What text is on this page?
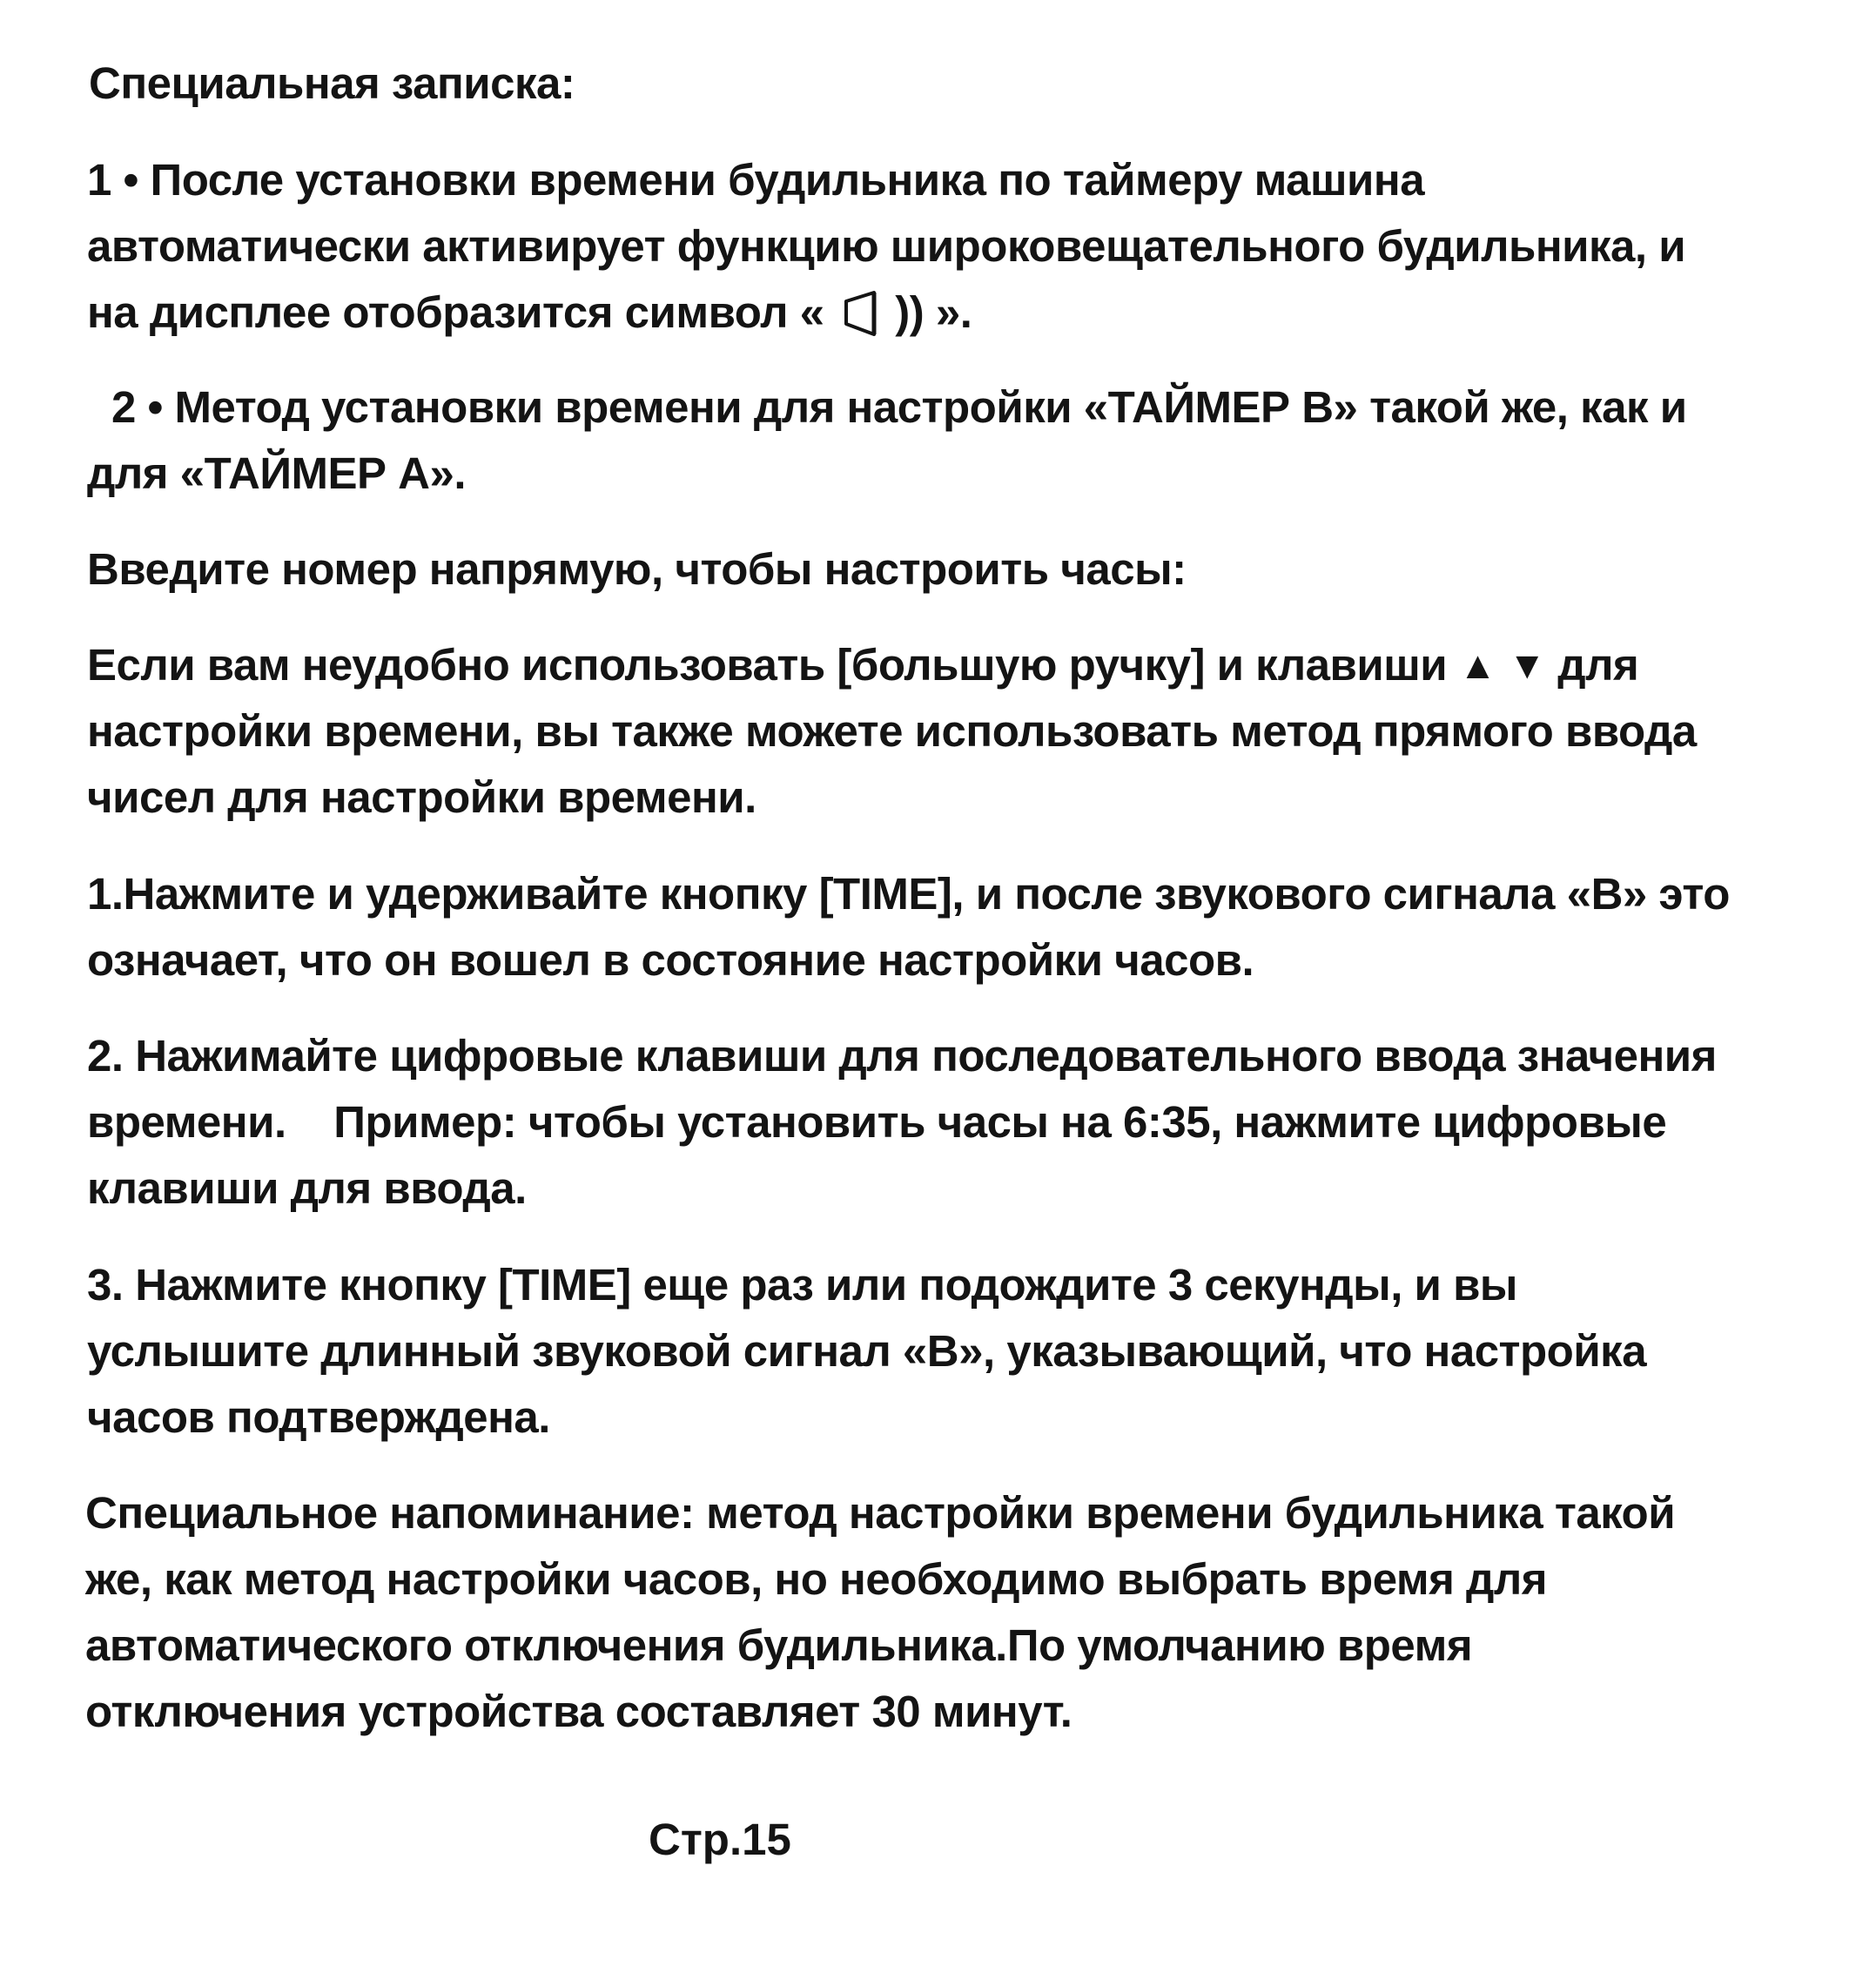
Специальная записка:
1 • После установки времени будильника по таймеру машина
автоматически активирует функцию широковещательного будильника, и
на дисплее отобразится символ « )) ».
2 • Метод установки времени для настройки «ТАЙМЕР B» такой же, как и
для «ТАЙМЕР A».
Введите номер напрямую, чтобы настроить часы:
Если вам неудобно использовать [большую ручку] и клавиши ▲ ▼ для
настройки времени, вы также можете использовать метод прямого ввода
чисел для настройки времени.
1.Нажмите и удерживайте кнопку [TIME], и после звукового сигнала «B» это
означает, что он вошел в состояние настройки часов.
2. Нажимайте цифровые клавиши для последовательного ввода значения
времени.    Пример: чтобы установить часы на 6:35, нажмите цифровые
клавиши для ввода.
3. Нажмите кнопку [TIME] еще раз или подождите 3 секунды, и вы
услышите длинный звуковой сигнал «B», указывающий, что настройка
часов подтверждена.
Специальное напоминание: метод настройки времени будильника такой
же, как метод настройки часов, но необходимо выбрать время для
автоматического отключения будильника.По умолчанию время
отключения устройства составляет 30 минут.
Стр.15
